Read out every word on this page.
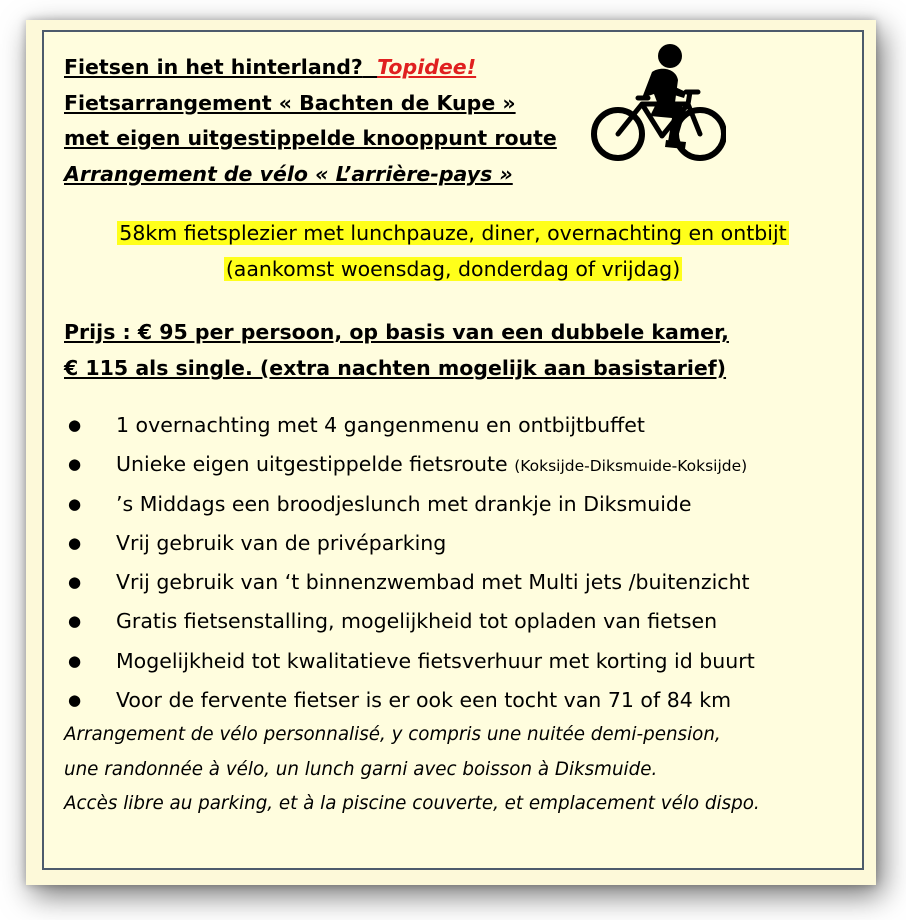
Fietsen in het hinterland? Topidee!
Fietsarrangement « Bachten de Kupe »
met eigen uitgestippelde knooppunt route
Arrangement de vélo « L’arrière-pays »
58km fietsplezier met lunchpauze, diner, overnachting en ontbijt
(aankomst woensdag, donderdag of vrijdag)
Prijs : € 95 per persoon, op basis van een dubbele kamer,
€ 115 als single. (extra nachten mogelijk aan basistarief)
● 1 overnachting met 4 gangenmenu en ontbijtbuffet
● Unieke eigen uitgestippelde fietsroute (Koksijde-Diksmuide-Koksijde)
● ’s Middags een broodjeslunch met drankje in Diksmuide
● Vrij gebruik van de privéparking
● Vrij gebruik van ‘t binnenzwembad met Multi jets /buitenzicht
● Gratis fietsenstalling, mogelijkheid tot opladen van fietsen
● Mogelijkheid tot kwalitatieve fietsverhuur met korting id buurt
● Voor de fervente fietser is er ook een tocht van 71 of 84 km
Arrangement de vélo personnalisé, y compris une nuitée demi-pension,
une randonnée à vélo, un lunch garni avec boisson à Diksmuide.
Accès libre au parking, et à la piscine couverte, et emplacement vélo dispo.
